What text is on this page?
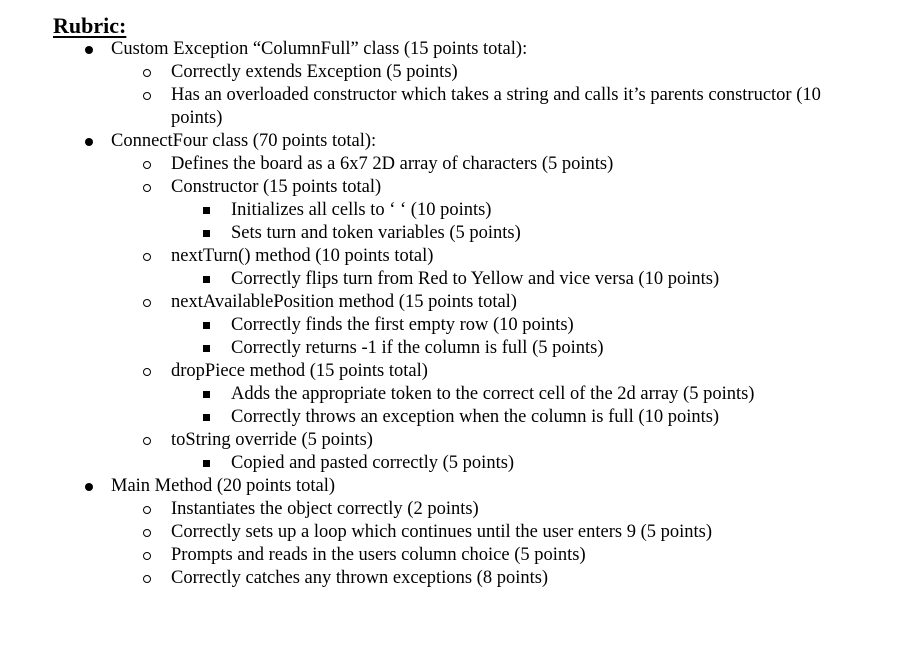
Rubric:
Custom Exception “ColumnFull” class (15 points total):
Correctly extends Exception (5 points)
Has an overloaded constructor which takes a string and calls it’s parents constructor (10
points)
ConnectFour class (70 points total):
Defines the board as a 6x7 2D array of characters (5 points)
Constructor (15 points total)
Initializes all cells to ‘ ‘ (10 points)
Sets turn and token variables (5 points)
nextTurn() method (10 points total)
Correctly flips turn from Red to Yellow and vice versa (10 points)
nextAvailablePosition method (15 points total)
Correctly finds the first empty row (10 points)
Correctly returns -1 if the column is full (5 points)
dropPiece method (15 points total)
Adds the appropriate token to the correct cell of the 2d array (5 points)
Correctly throws an exception when the column is full (10 points)
toString override (5 points)
Copied and pasted correctly (5 points)
Main Method (20 points total)
Instantiates the object correctly (2 points)
Correctly sets up a loop which continues until the user enters 9 (5 points)
Prompts and reads in the users column choice (5 points)
Correctly catches any thrown exceptions (8 points)
